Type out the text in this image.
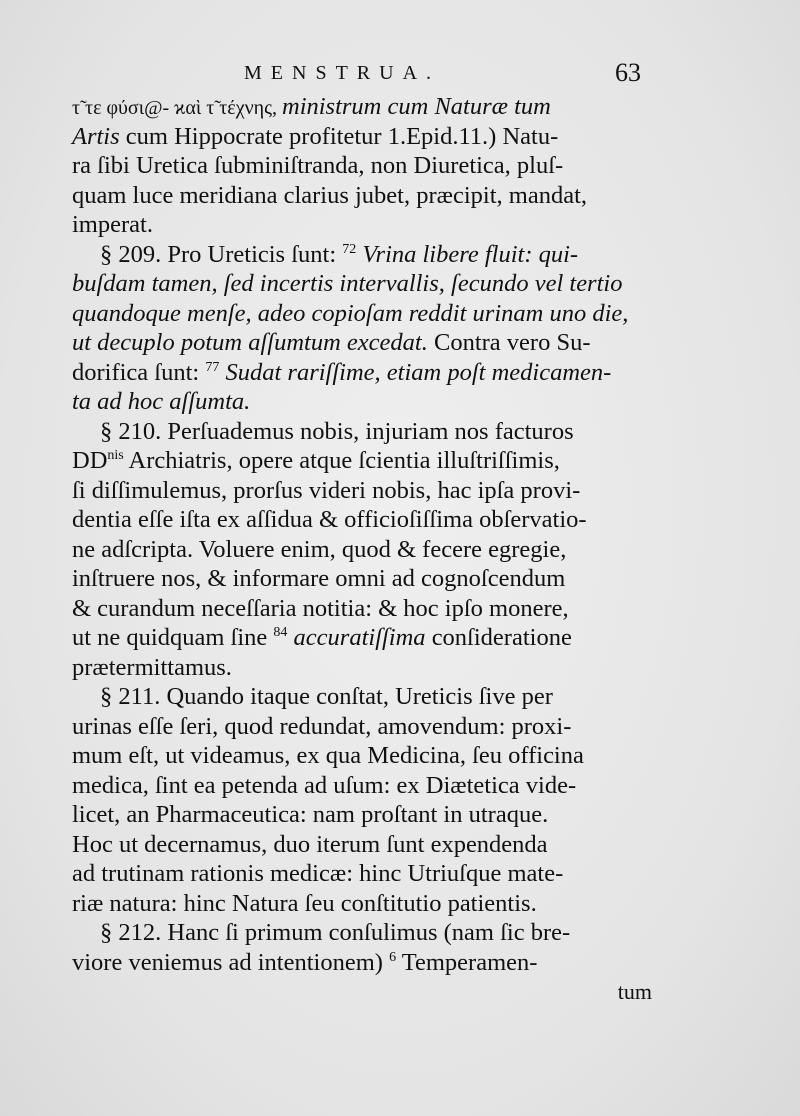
MENSTRUA.	63
τ̃ τε φύσι@- ϰαὶ τ̃ τέχνης, ministrum cum Naturæ tum
Artis cum Hippocrate profitetur 1.Epid.11.) Natu-
ra ſibi Uretica ſubminiſtranda, non Diuretica, pluſ-
quam luce meridiana clarius jubet, præcipit, mandat,
imperat.
§ 209. Pro Ureticis ſunt: $^{72}$ Vrina libere fluit: qui-
buſdam tamen, ſed incertis intervallis, ſecundo vel tertio
quandoque menſe, adeo copioſam reddit urinam uno die,
ut decuplo potum aſſumtum excedat. Contra vero Su-
dorifica ſunt: $^{77}$ Sudat rariſſime, etiam poſt medicamen-
ta ad hoc aſſumta.
§ 210. Perſuademus nobis, injuriam nos facturos
$DD^{nis}$ Archiatris, opere atque ſcientia illuſtriſſimis,
ſi diſſimulemus, prorſus videri nobis, hac ipſa provi-
dentia eſſe iſta ex aſſidua & officioſiſſima obſervatio-
ne adſcripta. Voluere enim, quod & fecere egregie,
inſtruere nos, & informare omni ad cognoſcendum
& curandum neceſſaria notitia: & hoc ipſo monere,
ut ne quidquam ſine $^{84}$ accuratiſſima conſideratione
prætermittamus.
§ 211. Quando itaque conſtat, Ureticis ſive per
urinas eſſe ſeri, quod redundat, amovendum: proxi-
mum eſt, ut videamus, ex qua Medicina, ſeu officina
medica, ſint ea petenda ad uſum: ex Diætetica vide-
licet, an Pharmaceutica: nam proſtant in utraque.
Hoc ut decernamus, duo iterum ſunt expendenda
ad trutinam rationis medicæ: hinc Utriuſque mate-
riæ natura: hinc Natura ſeu conſtitutio patientis.
§ 212. Hanc ſi primum conſulimus (nam ſic bre-
viore veniemus ad intentionem) $^6$ Temperamen-
tum
